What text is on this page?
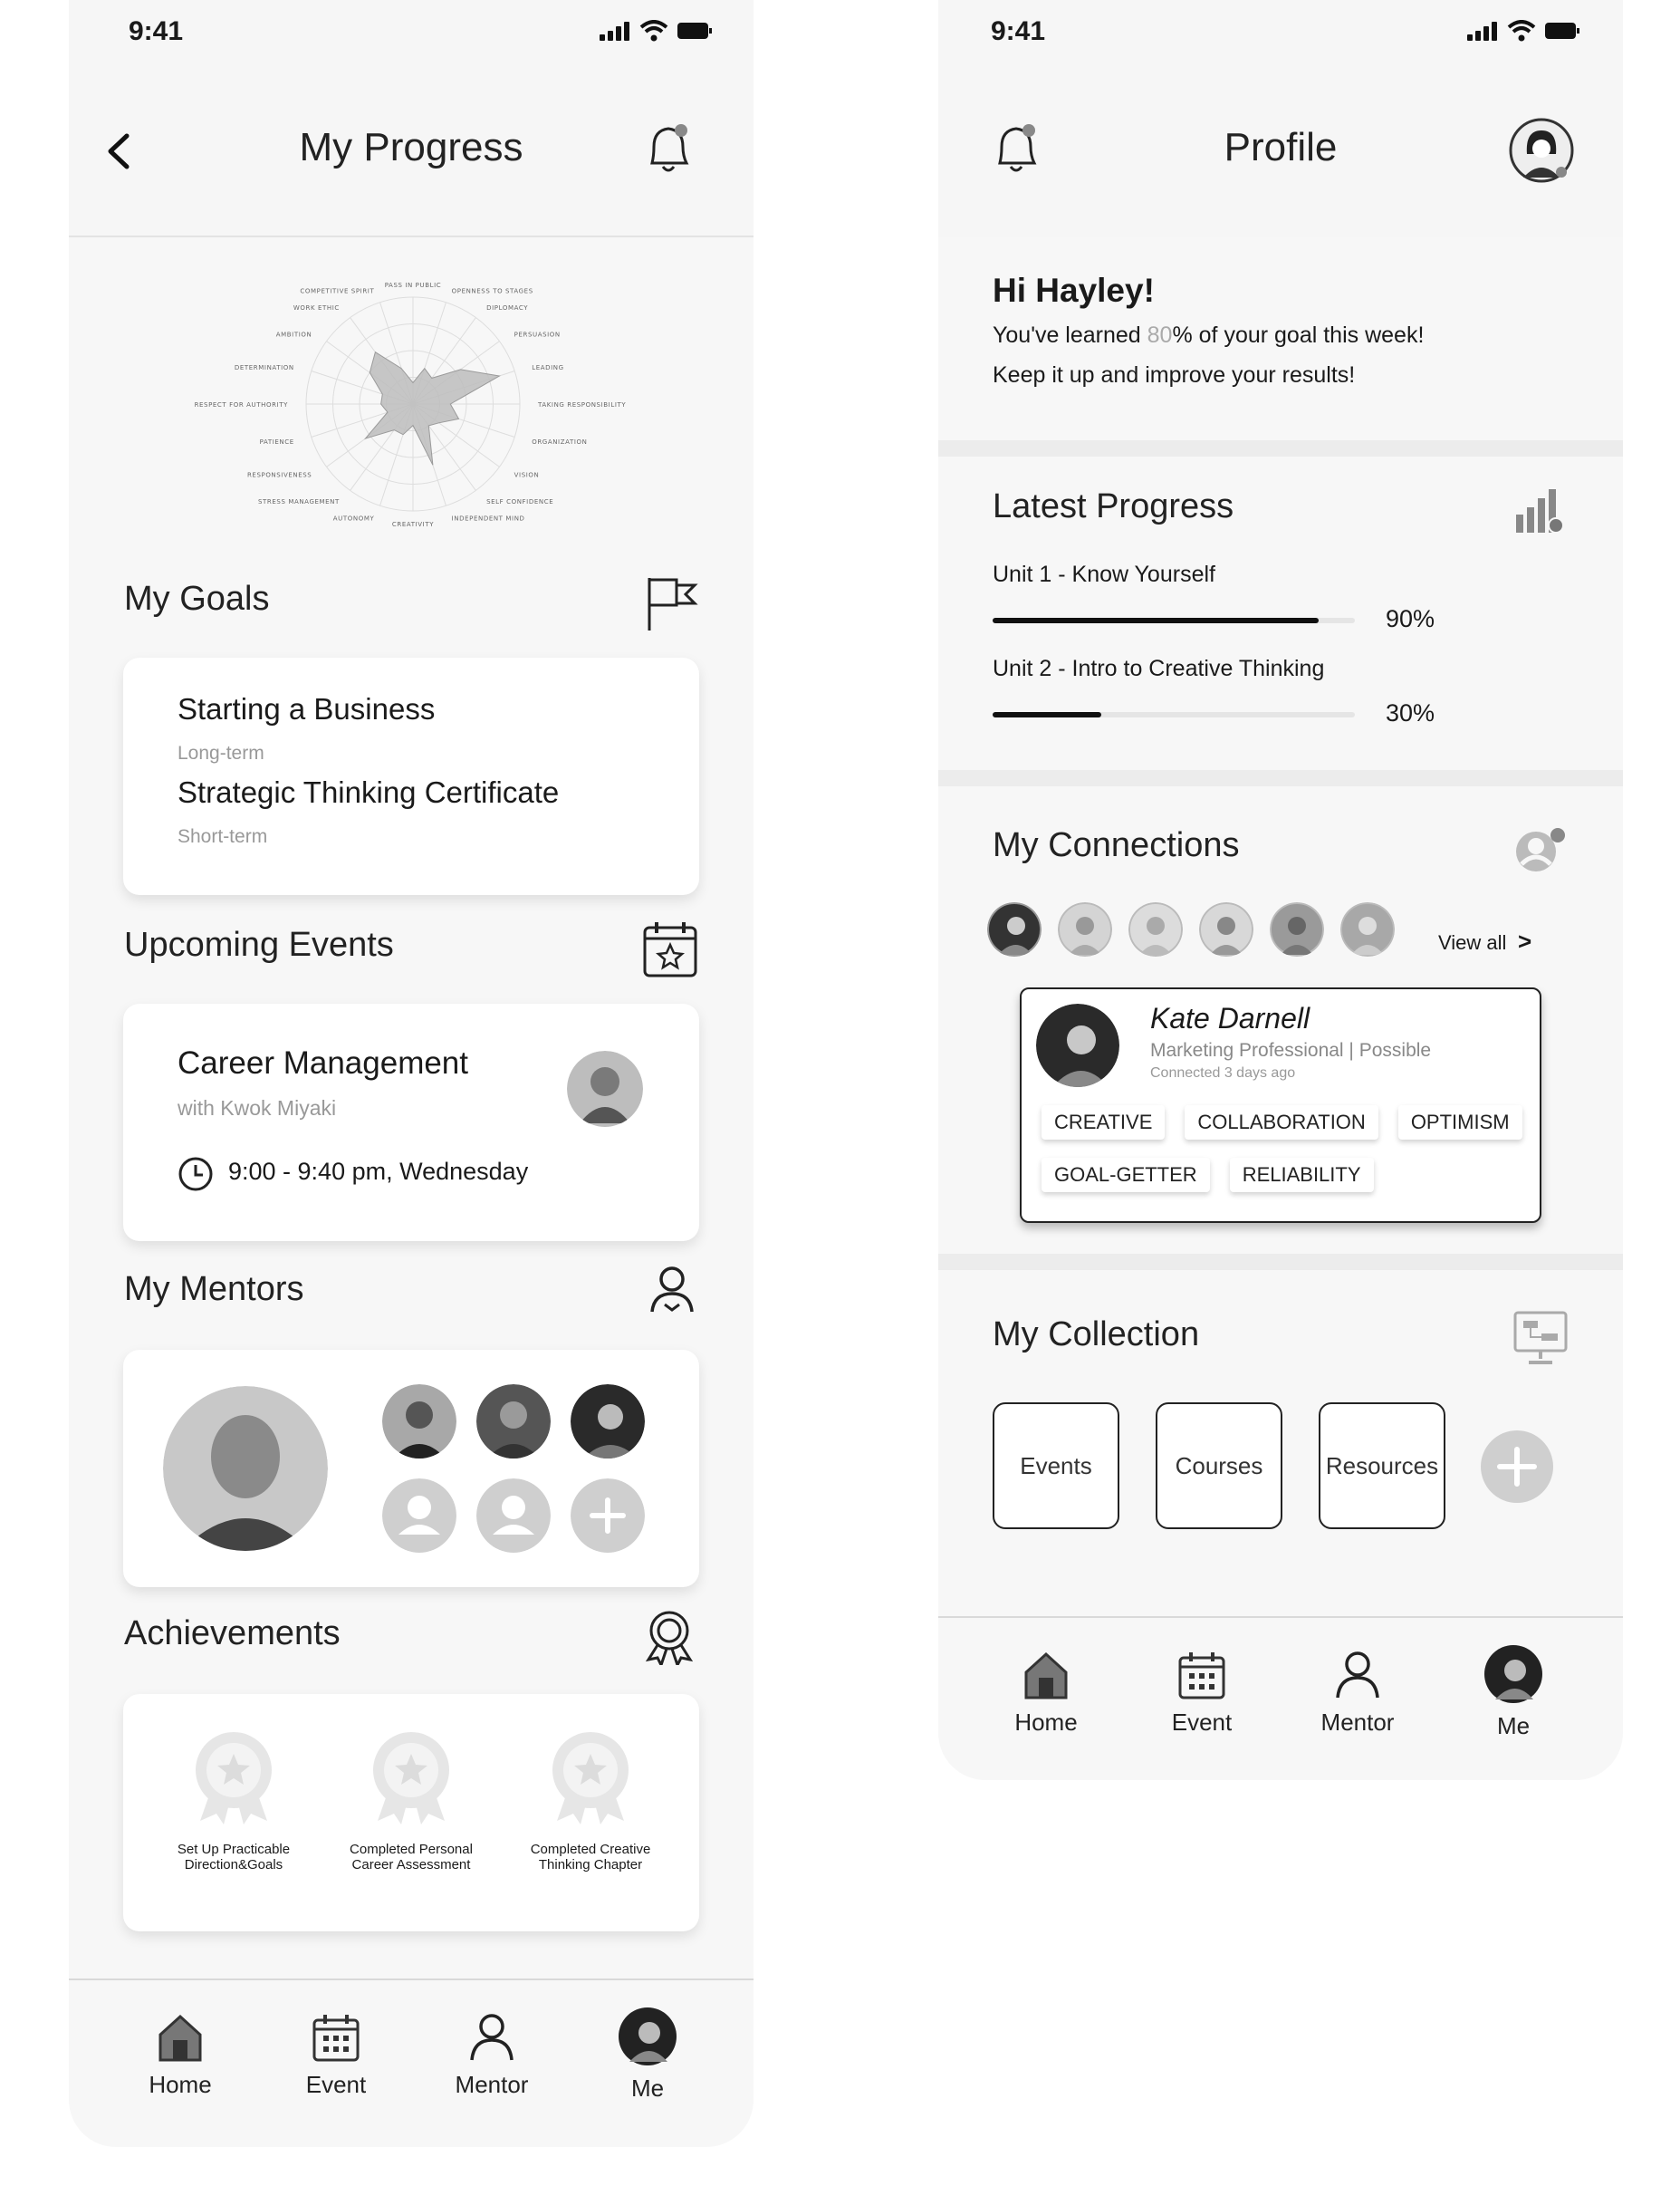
9:41
My Progress
PASS IN PUBLIC
OPENNESS TO STAGES
DIPLOMACY
PERSUASION
LEADING
TAKING RESPONSIBILITY
ORGANIZATION
VISION
SELF CONFIDENCE
INDEPENDENT MIND
CREATIVITY
AUTONOMY
STRESS MANAGEMENT
RESPONSIVENESS
PATIENCE
RESPECT FOR AUTHORITY
DETERMINATION
AMBITION
WORK ETHIC
COMPETITIVE SPIRIT
My Goals
Starting a Business
Long-term
Strategic Thinking Certificate
Short-term
Upcoming Events
Career Management
with Kwok Miyaki
9:00 - 9:40 pm, Wednesday
My Mentors
Achievements
Set Up Practicable
Direction&Goals
Completed Personal
Career Assessment
Completed Creative
Thinking Chapter
Home	Event	Mentor	Me
9:41
Profile
Hi Hayley!
You've learned 80% of your goal this week!
Keep it up and improve your results!
Latest Progress
Unit 1 - Know Yourself
90%
Unit 2 - Intro to Creative Thinking
30%
My Connections
View all >
Kate Darnell
Marketing Professional | Possible
Connected 3 days ago
CREATIVE COLLABORATION OPTIMISM
GOAL-GETTER RELIABILITY
My Collection
Events	Courses	Resources
Home	Event	Mentor	Me
